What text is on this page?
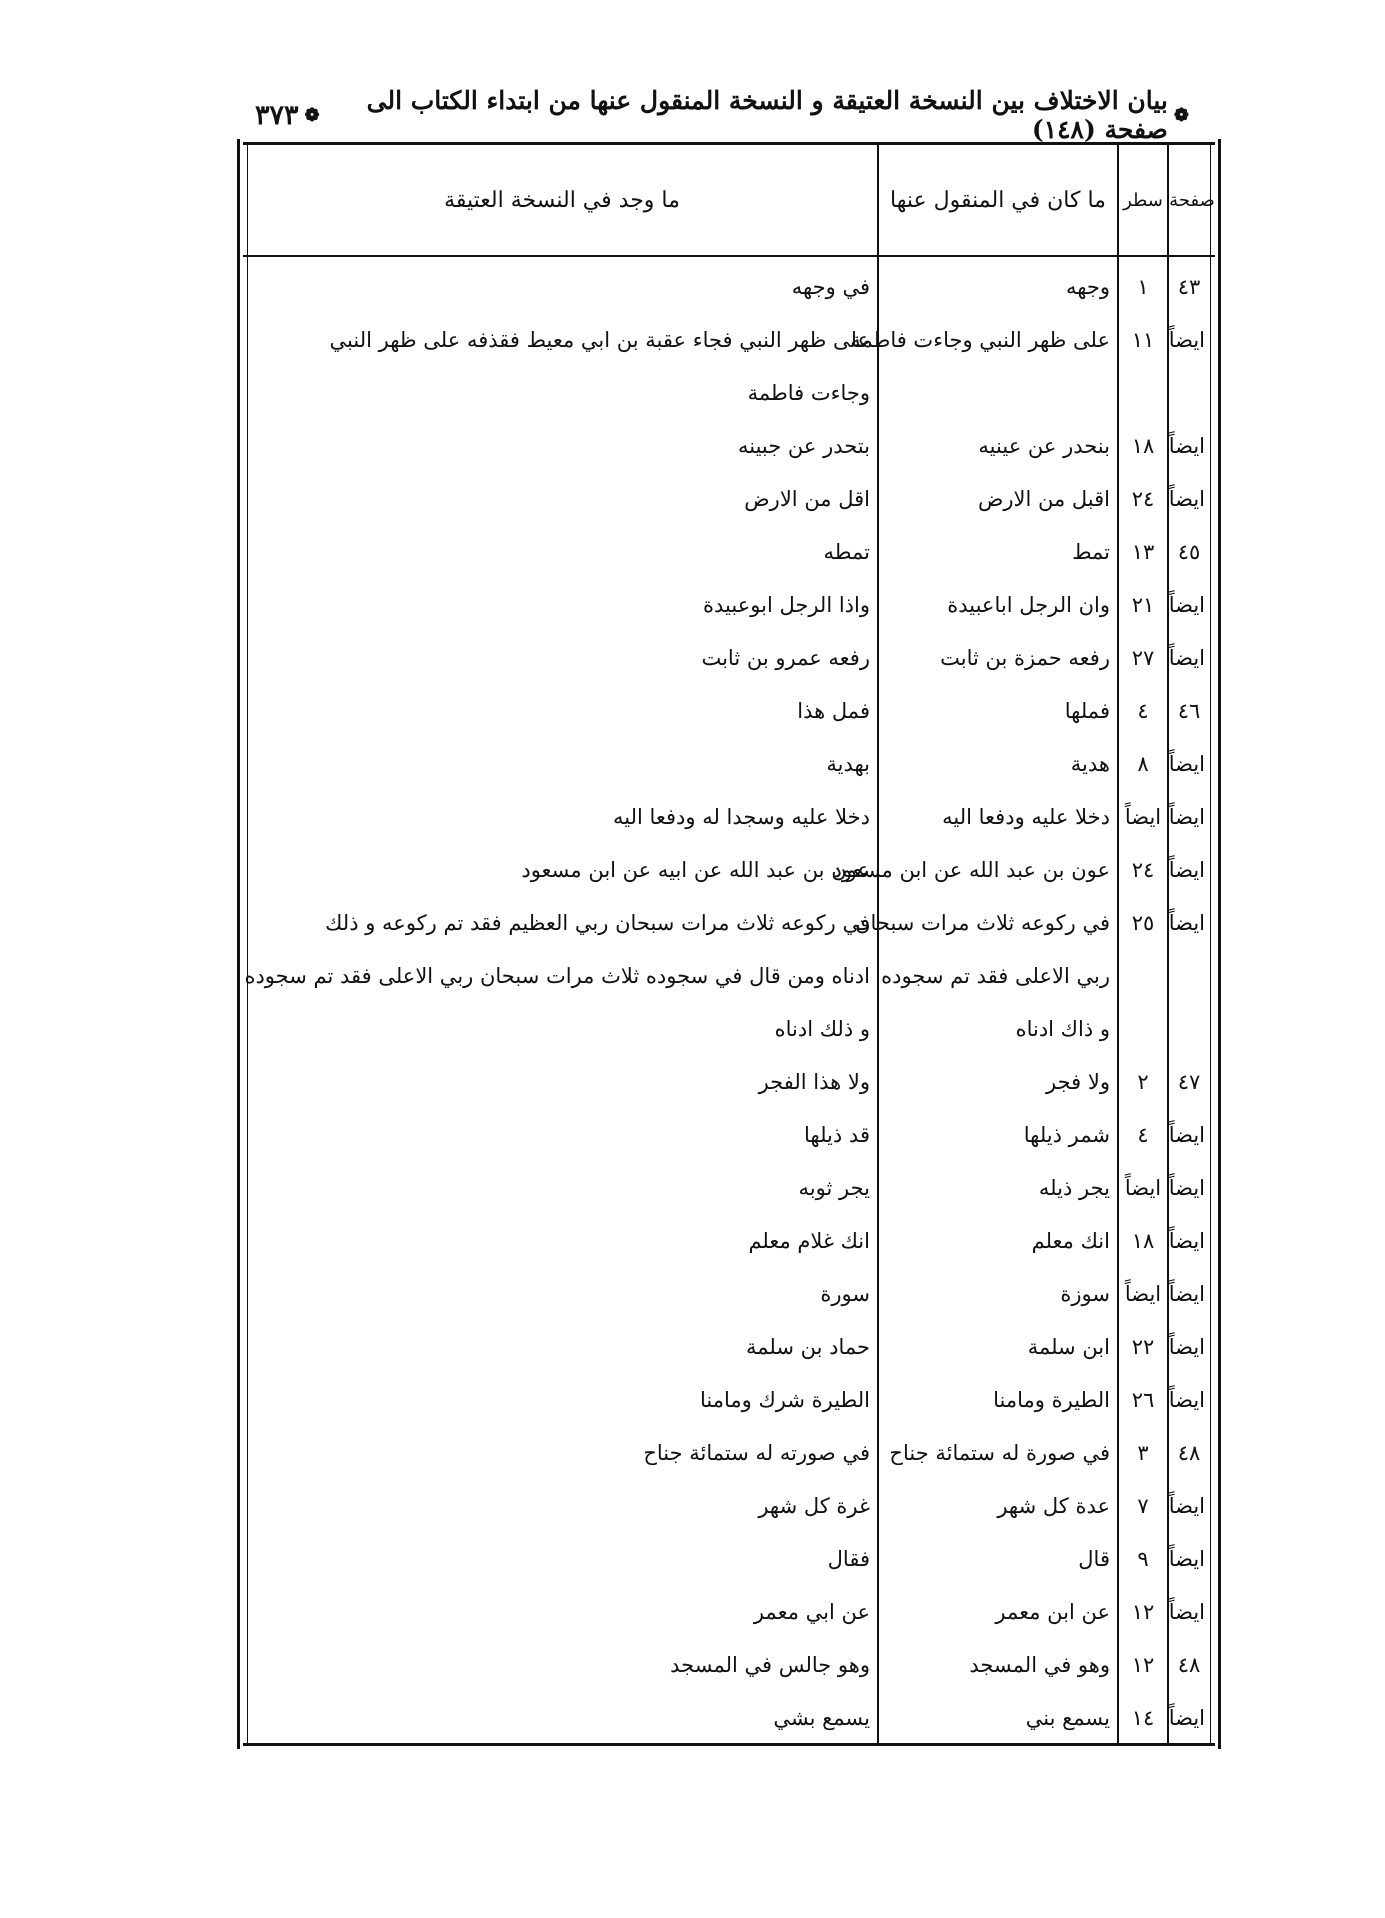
❁
بيان الاختلاف بين النسخة العتيقة و النسخة المنقول عنها من ابتداء الكتاب الى صفحة (١٤٨)
❁
٣٧٣
صفحة
سطر
ما كان في المنقول عنها
ما وجد في النسخة العتيقة
٤٣
١
وجهه
في وجهه
ايضاً
١١
على ظهر النبي وجاءت فاطمة
على ظهر النبي فجاء عقبة بن ابي معيط فقذفه على ظهر النبي
وجاءت فاطمة
ايضاً
١٨
بنحدر عن عينيه
بتحدر عن جبينه
ايضاً
٢٤
اقبل من الارض
اقل من الارض
٤٥
١٣
تمط
تمطه
ايضاً
٢١
وان الرجل اباعبيدة
واذا الرجل ابوعبيدة
ايضاً
٢٧
رفعه حمزة بن ثابت
رفعه عمرو بن ثابت
٤٦
٤
فملها
فمل هذا
ايضاً
٨
هدية
بهدية
ايضاً
ايضاً
دخلا عليه ودفعا اليه
دخلا عليه وسجدا له ودفعا اليه
ايضاً
٢٤
عون بن عبد الله عن ابن مسعود
عون بن عبد الله عن ابيه عن ابن مسعود
ايضاً
٢٥
في ركوعه ثلاث مرات سبحان
في ركوعه ثلاث مرات سبحان ربي العظيم فقد تم ركوعه و ذلك
ربي الاعلى فقد تم سجوده
ادناه ومن قال في سجوده ثلاث مرات سبحان ربي الاعلى فقد تم سجوده
و ذاك ادناه
و ذلك ادناه
٤٧
٢
ولا فجر
ولا هذا الفجر
ايضاً
٤
شمر ذيلها
قد ذيلها
ايضاً
ايضاً
يجر ذيله
يجر ثوبه
ايضاً
١٨
انك معلم
انك غلام معلم
ايضاً
ايضاً
سوزة
سورة
ايضاً
٢٢
ابن سلمة
حماد بن سلمة
ايضاً
٢٦
الطيرة ومامنا
الطيرة شرك ومامنا
٤٨
٣
في صورة له ستمائة جناح
في صورته له ستمائة جناح
ايضاً
٧
عدة كل شهر
غرة كل شهر
ايضاً
٩
قال
فقال
ايضاً
١٢
عن ابن معمر
عن ابي معمر
٤٨
١٢
وهو في المسجد
وهو جالس في المسجد
ايضاً
١٤
يسمع بني
يسمع بشي
